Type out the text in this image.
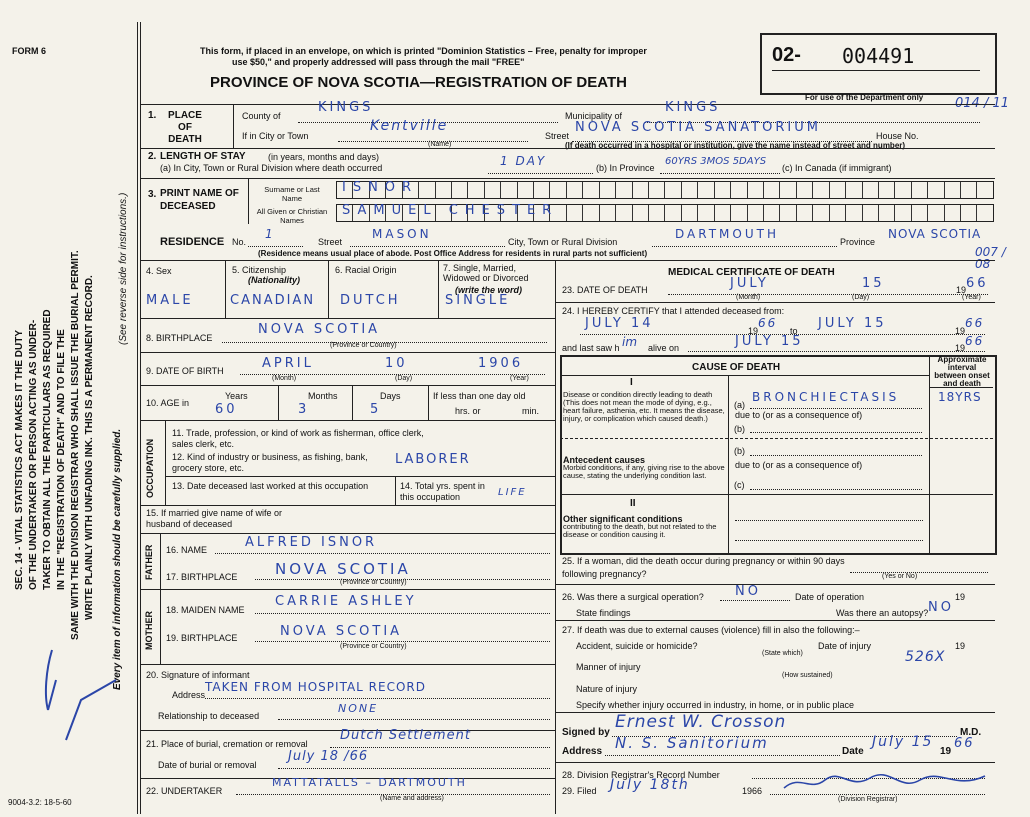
FORM 6
SEC. 14 - VITAL STATISTICS ACT MAKES IT THE DUTY OF THE UNDERTAKER OR PERSON ACTING AS UNDER- TAKER TO OBTAIN ALL THE PARTICULARS AS REQUIRED IN THE "REGISTRATION OF DEATH" AND TO FILE THE SAME WITH THE DIVISION REGISTRAR WHO SHALL ISSUE THE BURIAL PERMIT. WRITE PLAINLY WITH UNFADING INK. THIS IS A PERMANENT RECORD. Every item of information should be carefully supplied.
(See reverse side for instructions.)
9004-3.2: 18-5-60
This form, if placed in an envelope, on which is printed "Dominion Statistics – Free, penalty for improper
use $50," and properly addressed will pass through the mail "FREE"
PROVINCE OF NOVA SCOTIA—REGISTRATION OF DEATH
02- 004491
For use of the Department only 014 / 11
1.	PLACE OF DEATH
County of
KINGS
Municipality of
KINGS
If in City or Town
Kentville
(Name)
Street
NOVA SCOTIA SANATORIUM
House No.
(If death occurred in a hospital or institution, give the name instead of street and number)
2. LENGTH OF STAY (in years, months and days)
(a) In City, Town or Rural Division where death occurred	1 DAY	(b) In Province
60YRS 3MOS 5DAYS
(c) In Canada (if immigrant)
3. PRINT NAME OF DECEASED
Surname or Last Name
All Given or Christian Names
ISNOR
SAMUEL CHESTER
RESIDENCE No.
1
Street
MASON
City, Town or Rural Division
DARTMOUTH
Province
NOVA SCOTIA
(Residence means usual place of abode. Post Office Address for residents in rural parts not sufficient)	007 / 08
4. Sex
MALE
5. Citizenship
(Nationality)
CANADIAN
6. Racial Origin
DUTCH
7. Single, Married, Widowed or Divorced
(write the word)
SINGLE
8. BIRTHPLACE
NOVA SCOTIA
(Province or Country)
9. DATE OF BIRTH	APRIL	10	1906
(Month)	(Day)	(Year)
10. AGE in
Years
60
Months
3
Days
5
If less than one day old
hrs. or	min.
OCCUPATION
11. Trade, profession, or kind of work as fisherman, office clerk, sales clerk, etc.
12. Kind of industry or business, as fishing, bank, grocery store, etc.
LABORER
13. Date deceased last worked at this occupation	14. Total yrs. spent in this occupation	LIFE
15. If married give name of wife or husband of deceased
FATHER 16. NAME	ALFRED ISNOR
17. BIRTHPLACE	NOVA SCOTIA
(Province or Country)
MOTHER
18. MAIDEN NAME
CARRIE ASHLEY
19. BIRTHPLACE	NOVA SCOTIA
(Province or Country)
20. Signature of informant
Address
TAKEN FROM HOSPITAL RECORD
Relationship to deceased
NONE
21. Place of burial, cremation or removal
Dutch Settlement
Date of burial or removal
July 18 /66
22. UNDERTAKER
MATTATALLS – DARTMOUTH
(Name and address)
MEDICAL CERTIFICATE OF DEATH
23. DATE OF DEATH	JULY	15	19 66
(Month)	(Day)	(Year)
24. I HEREBY CERTIFY that I attended deceased from:
JULY 14	19
66
to JULY 15	19
66
and last saw h im alive on	JULY 15	19 66
CAUSE OF DEATH
Approximate interval between onset and death
I
Disease or condition directly leading to death (This does not mean the mode of dying, e.g., heart failure, asthenia, etc. It means the disease, injury, or complication which caused death.)
(a)
BRONCHIECTASIS	18YRS
due to (or as a consequence of)
(b)
(b)
Antecedent causes
Morbid conditions, if any, giving rise to the above cause, stating the underlying condition last.
due to (or as a consequence of)
(c)
II
Other significant conditions
contributing to the death, but not related to the disease or condition causing it.
25. If a woman, did the death occur during pregnancy or within 90 days following pregnancy?	(Yes or No)
26. Was there a surgical operation? NO	Date of operation	19
State findings	Was there an autopsy? NO
27. If death was due to external causes (violence) fill in also the following:–
Accident, suicide or homicide?	Date of injury	19
(State which)
Manner of injury
526X
(How sustained)
Nature of injury
Specify whether injury occurred in industry, in home, or in public place
Signed by
Ernest W. Crosson
M.D.
Address N. S. Sanitorium	Date
July 15
19
66
28. Division Registrar's Record Number
29. Filed July 18th	1966
(Division Registrar)
